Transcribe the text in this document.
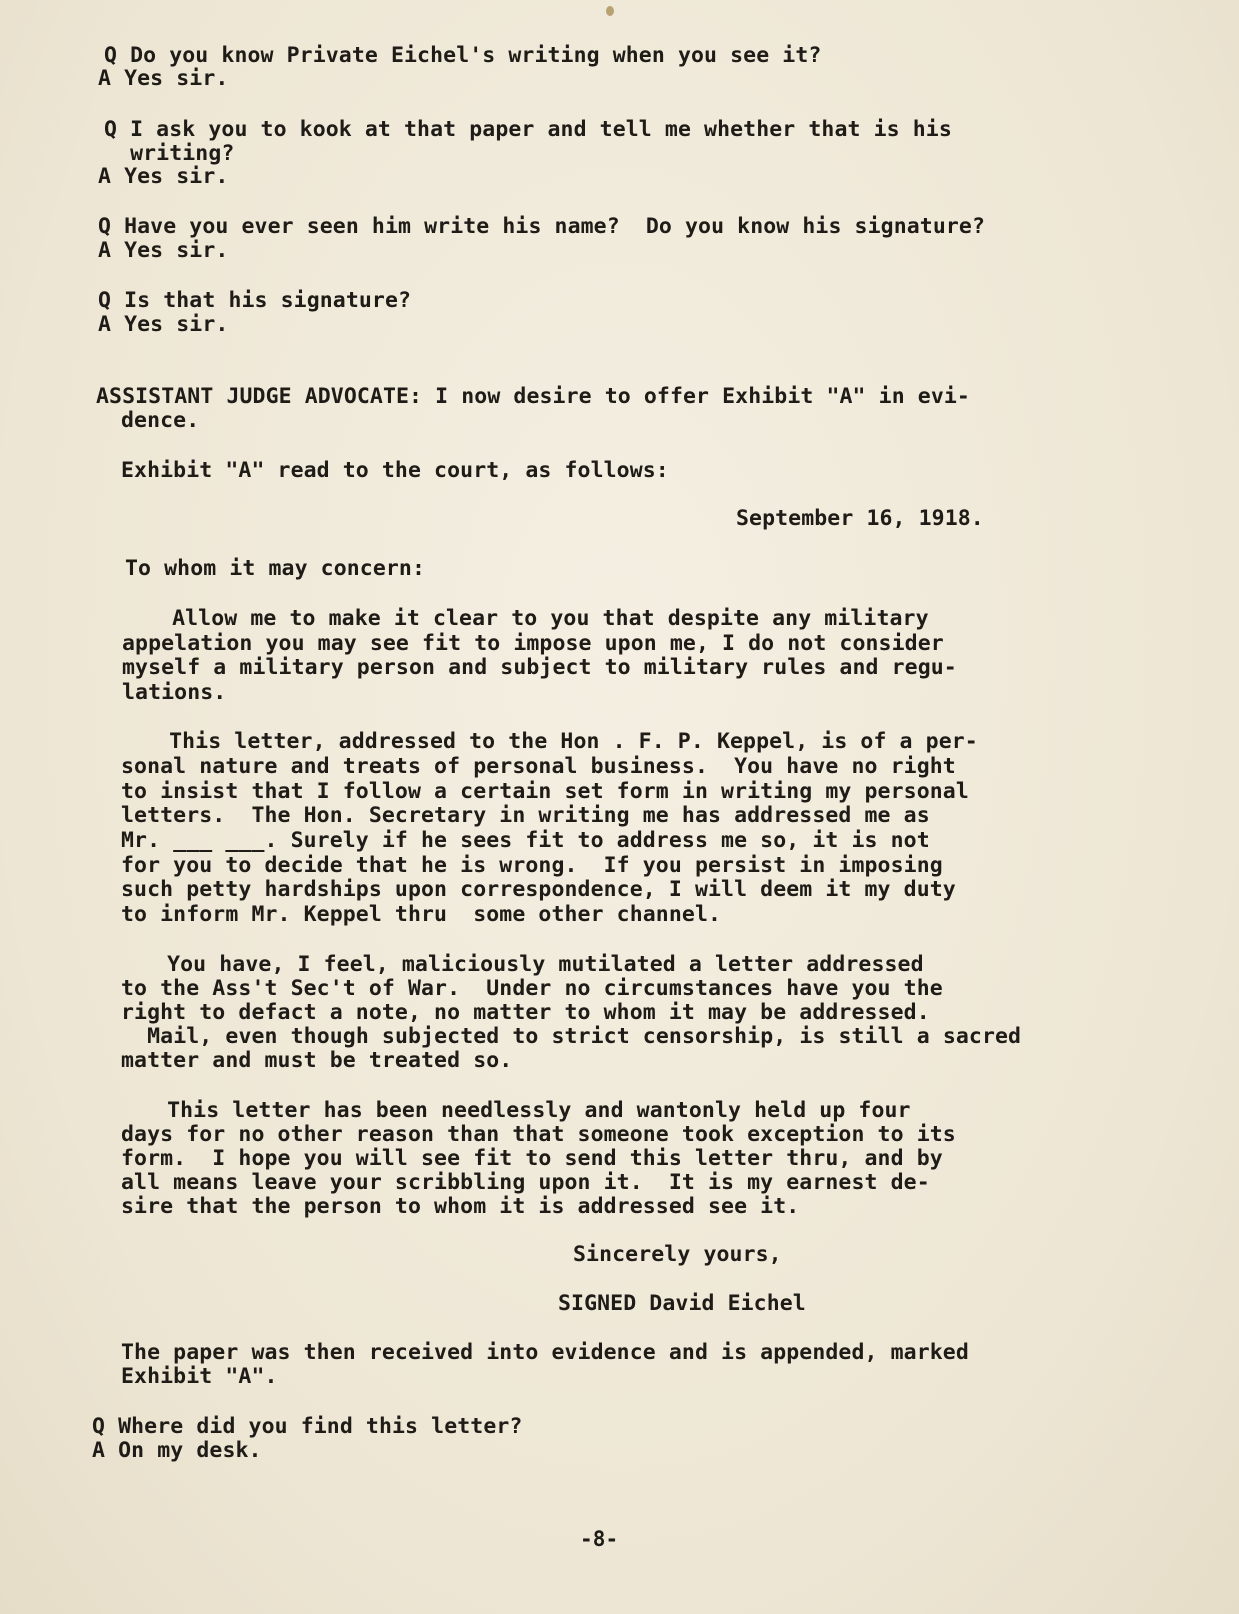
Q Do you know Private Eichel's writing when you see it?
A Yes sir.
Q I ask you to kook at that paper and tell me whether that is his
writing?
A Yes sir.
Q Have you ever seen him write his name?  Do you know his signature?
A Yes sir.
Q Is that his signature?
A Yes sir.
ASSISTANT JUDGE ADVOCATE: I now desire to offer Exhibit "A" in evi-
dence.
Exhibit "A" read to the court, as follows:
September 16, 1918.
To whom it may concern:
Allow me to make it clear to you that despite any military
appelation you may see fit to impose upon me, I do not consider
myself a military person and subject to military rules and regu-
lations.
This letter, addressed to the Hon . F. P. Keppel, is of a per-
sonal nature and treats of personal business.  You have no right
to insist that I follow a certain set form in writing my personal
letters.  The Hon. Secretary in writing me has addressed me as
Mr. ___ ___. Surely if he sees fit to address me so, it is not
for you to decide that he is wrong.  If you persist in imposing
such petty hardships upon correspondence, I will deem it my duty
to inform Mr. Keppel thru  some other channel.
You have, I feel, maliciously mutilated a letter addressed
to the Ass't Sec't of War.  Under no circumstances have you the
right to defact a note, no matter to whom it may be addressed.
Mail, even though subjected to strict censorship, is still a sacred
matter and must be treated so.
This letter has been needlessly and wantonly held up four
days for no other reason than that someone took exception to its
form.  I hope you will see fit to send this letter thru, and by
all means leave your scribbling upon it.  It is my earnest de-
sire that the person to whom it is addressed see it.
Sincerely yours,
SIGNED David Eichel
The paper was then received into evidence and is appended, marked
Exhibit "A".
Q Where did you find this letter?
A On my desk.
-8-
